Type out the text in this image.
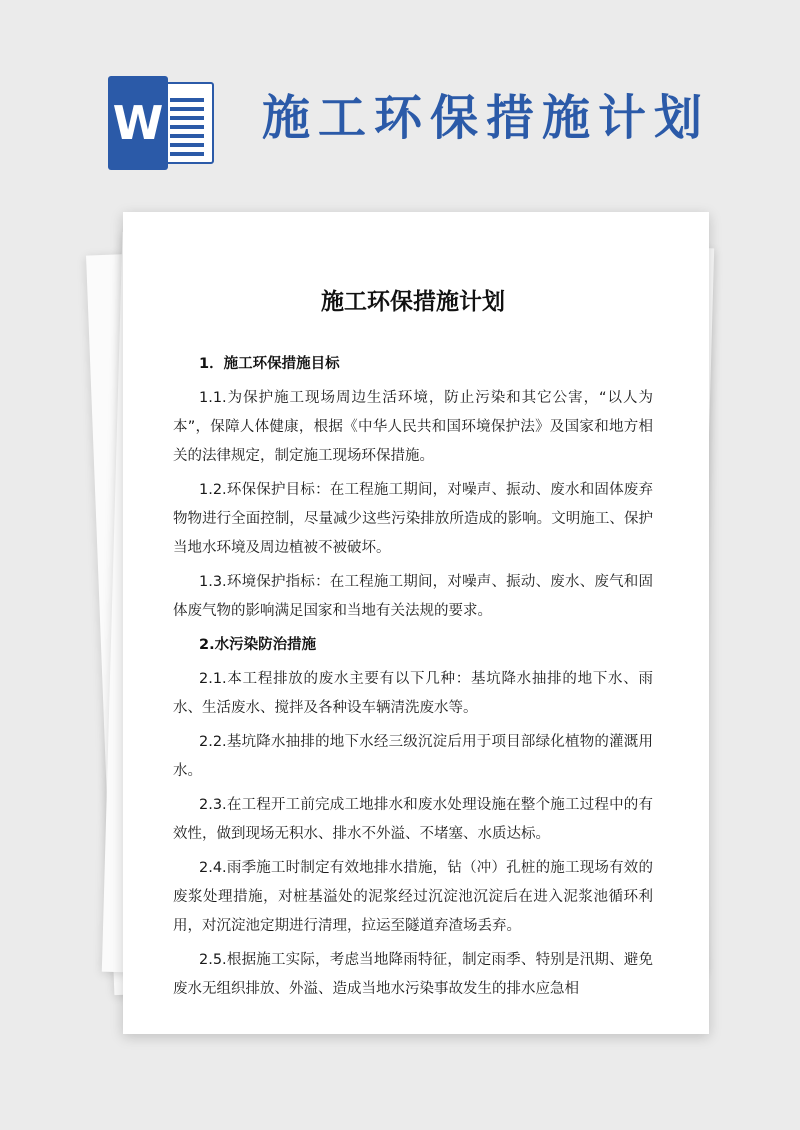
W 施工环保措施计划
施工环保措施计划

1．施工环保措施目标

1.1.为保护施工现场周边生活环境，防止污染和其它公害，“以人为本”，保障人体健康，根据《中华人民共和国环境保护法》及国家和地方相关的法律规定，制定施工现场环保措施。

1.2.环保保护目标：在工程施工期间，对噪声、振动、废水和固体废弃物物进行全面控制，尽量减少这些污染排放所造成的影响。文明施工、保护当地水环境及周边植被不被破坏。

1.3.环境保护指标：在工程施工期间，对噪声、振动、废水、废气和固体废气物的影响满足国家和当地有关法规的要求。

2.水污染防治措施

2.1.本工程排放的废水主要有以下几种：基坑降水抽排的地下水、雨水、生活废水、搅拌及各种设车辆清洗废水等。

2.2.基坑降水抽排的地下水经三级沉淀后用于项目部绿化植物的灌溉用水。

2.3.在工程开工前完成工地排水和废水处理设施在整个施工过程中的有效性，做到现场无积水、排水不外溢、不堵塞、水质达标。

2.4.雨季施工时制定有效地排水措施，钻（冲）孔桩的施工现场有效的废浆处理措施，对桩基溢处的泥浆经过沉淀池沉淀后在进入泥浆池循环利用，对沉淀池定期进行清理，拉运至隧道弃渣场丢弃。

2.5.根据施工实际，考虑当地降雨特征，制定雨季、特别是汛期、避免废水无组织排放、外溢、造成当地水污染事故发生的排水应急相
